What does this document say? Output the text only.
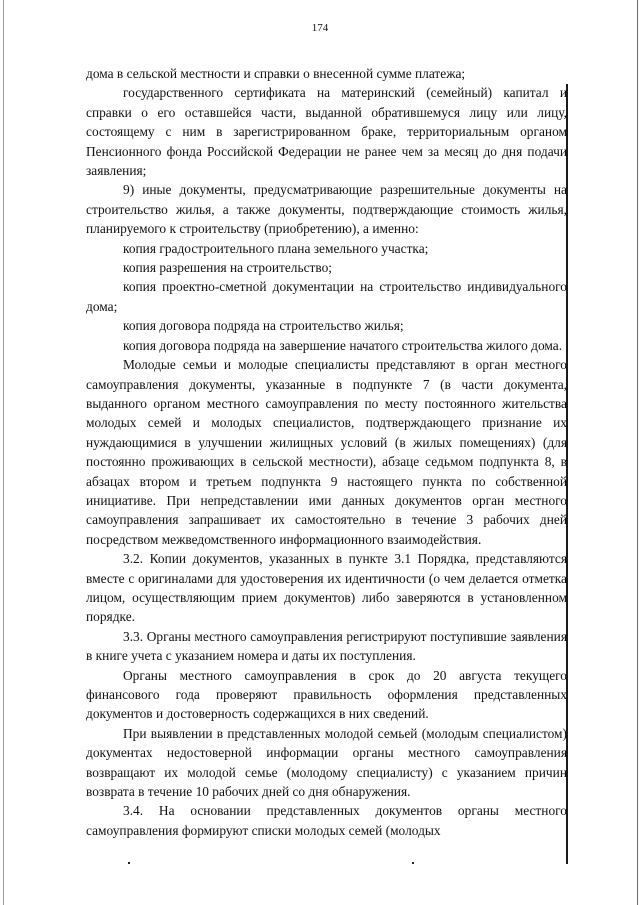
174

дома в сельской местности и справки о внесенной сумме платежа;

государственного сертификата на материнский (семейный) капитал и справки о его оставшейся части, выданной обратившемуся лицу или лицу, состоящему с ним в зарегистрированном браке, территориальным органом Пенсионного фонда Российской Федерации не ранее чем за месяц до дня подачи заявления;

9) иные документы, предусматривающие разрешительные документы на строительство жилья, а также документы, подтверждающие стоимость жилья, планируемого к строительству (приобретению), а именно:

копия градостроительного плана земельного участка;

копия разрешения на строительство;

копия проектно-сметной документации на строительство индивидуального дома;

копия договора подряда на строительство жилья;

копия договора подряда на завершение начатого строительства жилого дома.

Молодые семьи и молодые специалисты представляют в орган местного самоуправления документы, указанные в подпункте 7 (в части документа, выданного органом местного самоуправления по месту постоянного жительства молодых семей и молодых специалистов, подтверждающего признание их нуждающимися в улучшении жилищных условий (в жилых помещениях) (для постоянно проживающих в сельской местности), абзаце седьмом подпункта 8, в абзацах втором и третьем подпункта 9 настоящего пункта по собственной инициативе. При непредставлении ими данных документов орган местного самоуправления запрашивает их самостоятельно в течение 3 рабочих дней посредством межведомственного информационного взаимодействия.

3.2. Копии документов, указанных в пункте 3.1 Порядка, представляются вместе с оригиналами для удостоверения их идентичности (о чем делается отметка лицом, осуществляющим прием документов) либо заверяются в установленном порядке.

3.3. Органы местного самоуправления регистрируют поступившие заявления в книге учета с указанием номера и даты их поступления.

Органы местного самоуправления в срок до 20 августа текущего финансового года проверяют правильность оформления представленных документов и достоверность содержащихся в них сведений.

При выявлении в представленных молодой семьей (молодым специалистом) документах недостоверной информации органы местного самоуправления возвращают их молодой семье (молодому специалисту) с указанием причин возврата в течение 10 рабочих дней со дня обнаружения.

3.4. На основании представленных документов органы местного самоуправления формируют списки молодых семей (молодых
